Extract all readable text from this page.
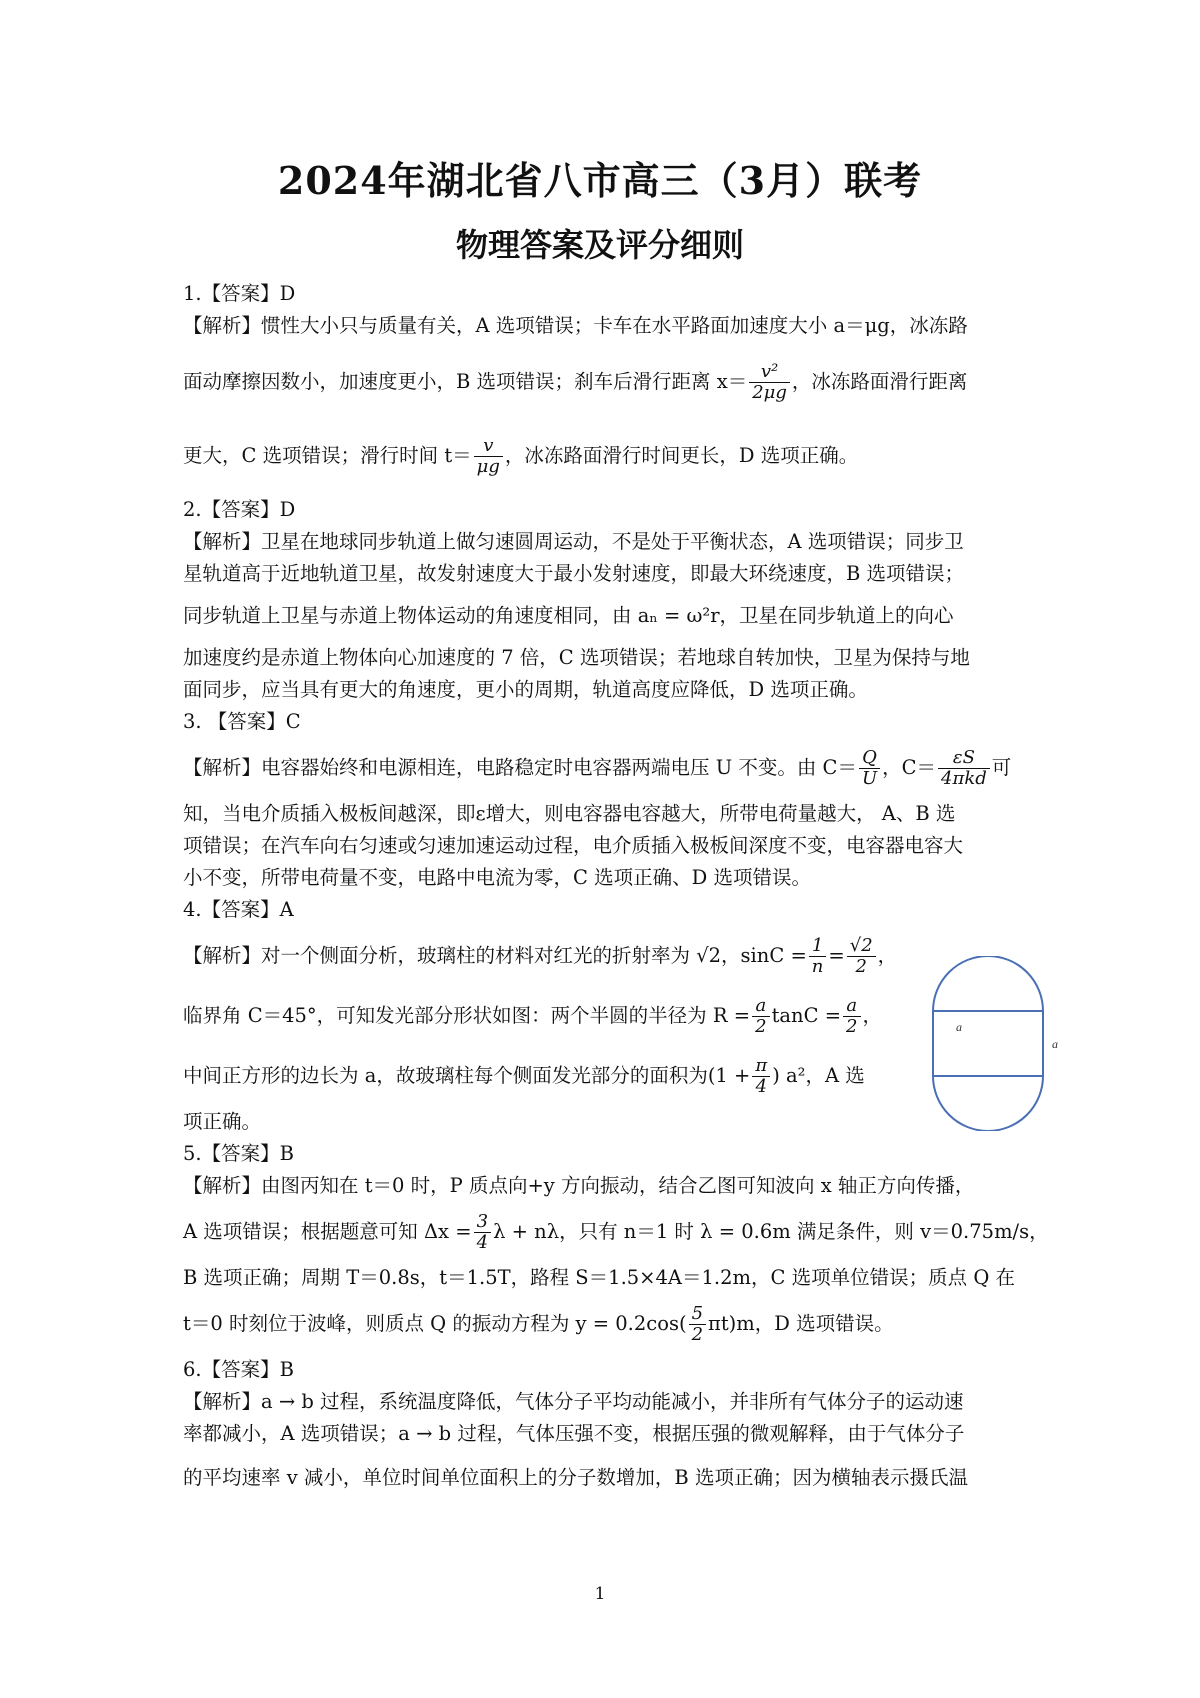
2024年湖北省八市高三（3月）联考
物理答案及评分细则
1.【答案】D
【解析】惯性大小只与质量有关，A 选项错误；卡车在水平路面加速度大小 a＝μg，冰冻路
面动摩擦因数小，加速度更小，B 选项错误；刹车后滑行距离 $x= \frac{\text{v²}}{2\mu g}$ ，冰冻路面滑行距离
更大，C 选项错误；滑行时间 $t= \frac{v}{\mu g}$ ，冰冻路面滑行时间更长，D 选项正确。
2.【答案】D
【解析】卫星在地球同步轨道上做匀速圆周运动，不是处于平衡状态，A 选项错误；同步卫
星轨道高于近地轨道卫星，故发射速度大于最小发射速度，即最大环绕速度，B 选项错误；
同步轨道上卫星与赤道上物体运动的角速度相同，由 aₙ = ω²r，卫星在同步轨道上的向心
加速度约是赤道上物体向心加速度的 7 倍，C 选项错误；若地球自转加快，卫星为保持与地
面同步，应当具有更大的角速度，更小的周期，轨道高度应降低，D 选项正确。
3. 【答案】C
【解析】电容器始终和电源相连，电路稳定时电容器两端电压 U 不变。由 $C= \frac{Q}{U}$ ，$C= \frac{\varepsilon S}{\text{4πkd}}$ 可
知，当电介质插入极板间越深，即ε增大，则电容器电容越大，所带电荷量越大， A、B 选
项错误；在汽车向右匀速或匀速加速运动过程，电介质插入极板间深度不变，电容器电容大
小不变，所带电荷量不变，电路中电流为零，C 选项正确、D 选项错误。
4.【答案】A
【解析】对一个侧面分析，玻璃柱的材料对红光的折射率为 √2，$\sin C = \frac{1}{n} = \frac{√2}{2}$ ，
临界角 C＝45°，可知发光部分形状如图：两个半圆的半径为 $R = \frac{a}{2}$ $\tan C = \frac{a}{2}$ ，
中间正方形的边长为 a，故玻璃柱每个侧面发光部分的面积为($1 + \frac{\pi}{4}$ ) a²，A 选
项正确。
5.【答案】B
【解析】由图丙知在 t＝0 时，P 质点向+y 方向振动，结合乙图可知波向 x 轴正方向传播，
A 选项错误；根据题意可知 $\Delta x = \frac{3}{4}$ λ + nλ，只有 n＝1 时 λ = 0.6m 满足条件，则 v＝0.75m/s，
B 选项正确；周期 T＝0.8s，t＝1.5T，路程 S＝1.5×4A＝1.2m，C 选项单位错误；质点 Q 在
t＝0 时刻位于波峰，则质点 Q 的振动方程为 $y = 0.2\cos( \frac{5}{2} \pi t)m$，D 选项错误。
6.【答案】B
【解析】a → b 过程，系统温度降低，气体分子平均动能减小，并非所有气体分子的运动速
率都减小，A 选项错误；a → b 过程，气体压强不变，根据压强的微观解释，由于气体分子
的平均速率 v 减小，单位时间单位面积上的分子数增加，B 选项正确；因为横轴表示摄氏温
a
a
1
